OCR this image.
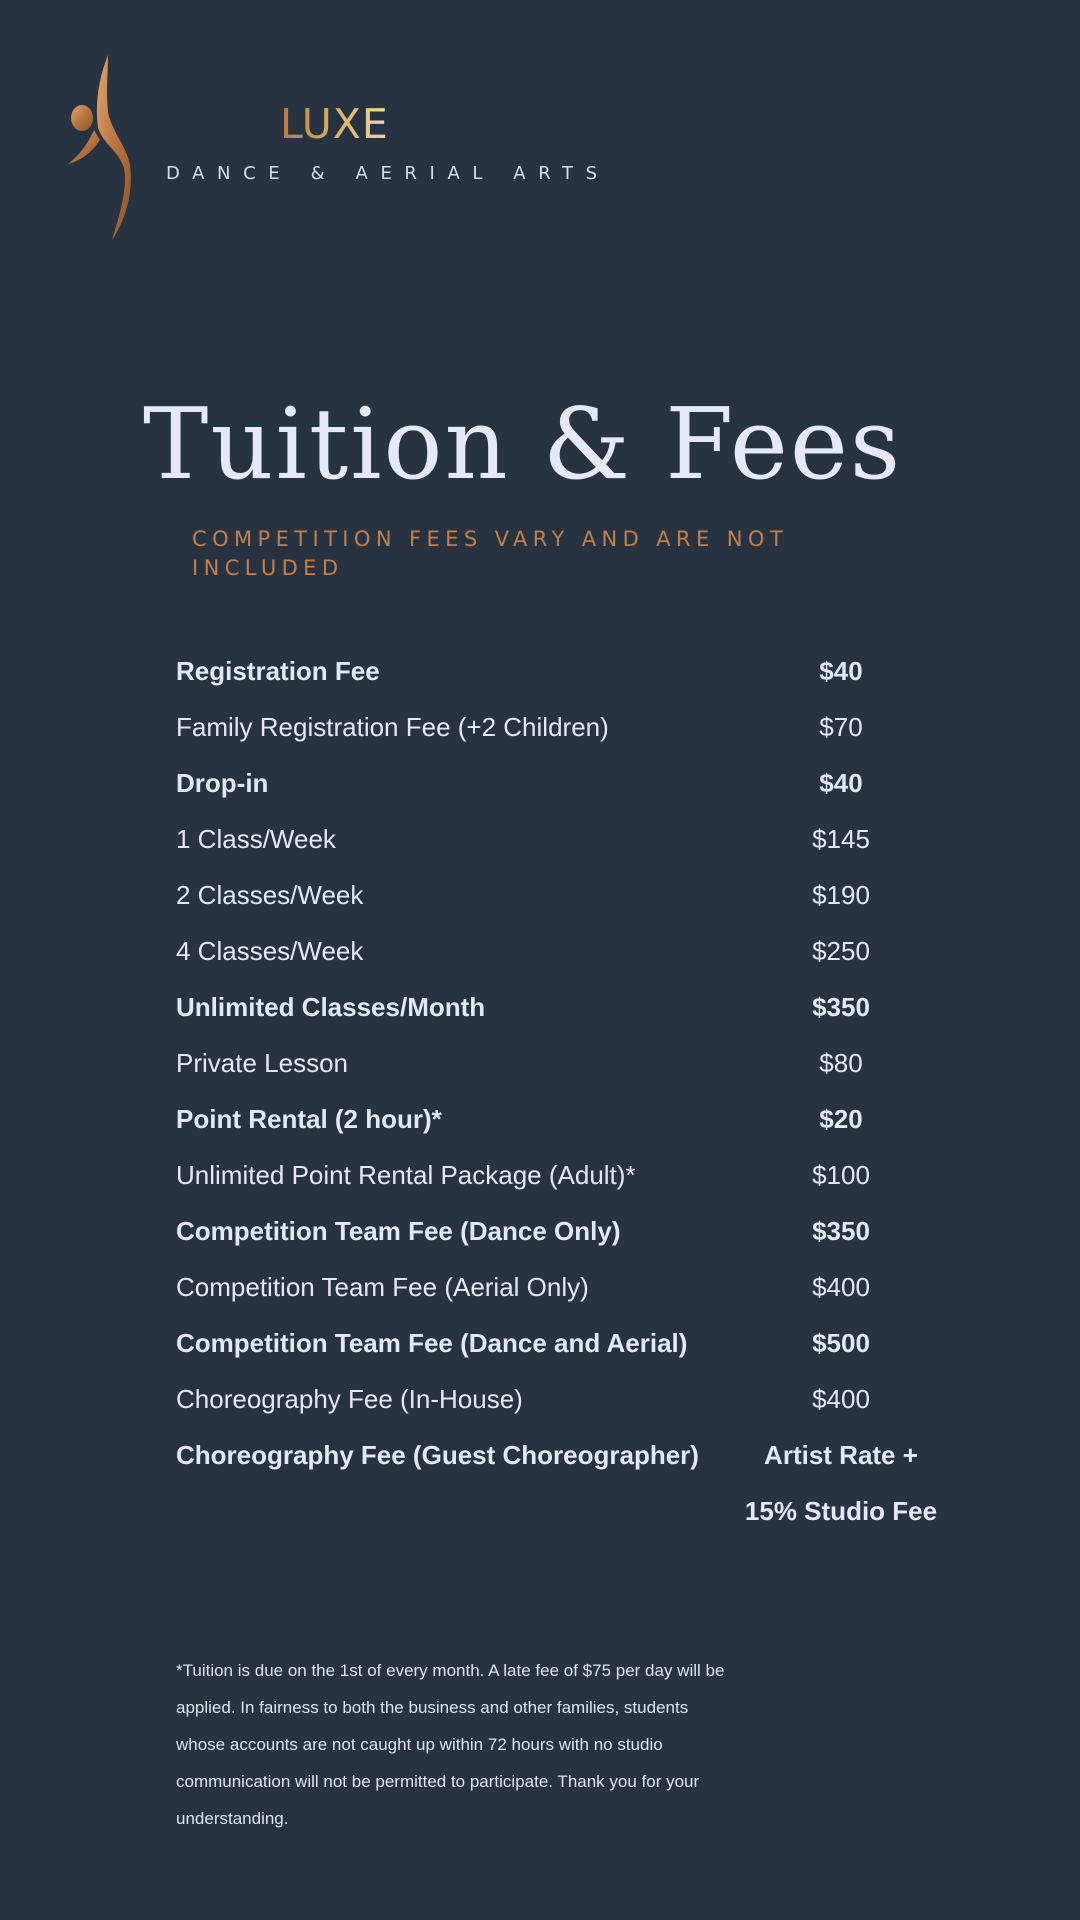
LUXE
DANCE & AERIAL ARTS
Tuition & Fees
COMPETITION FEES VARY AND ARE NOT INCLUDED
Registration Fee	$40
Family Registration Fee (+2 Children)	$70
Drop-in	$40
1 Class/Week	$145
2 Classes/Week	$190
4 Classes/Week	$250
Unlimited Classes/Month	$350
Private Lesson	$80
Point Rental (2 hour)*	$20
Unlimited Point Rental Package (Adult)*	$100
Competition Team Fee (Dance Only)	$350
Competition Team Fee (Aerial Only)	$400
Competition Team Fee (Dance and Aerial)	$500
Choreography Fee (In-House)	$400
Choreography Fee (Guest Choreographer)	Artist Rate +
15% Studio Fee
*Tuition is due on the 1st of every month. A late fee of $75 per day will be applied. In fairness to both the business and other families, students whose accounts are not caught up within 72 hours with no studio communication will not be permitted to participate. Thank you for your understanding.
